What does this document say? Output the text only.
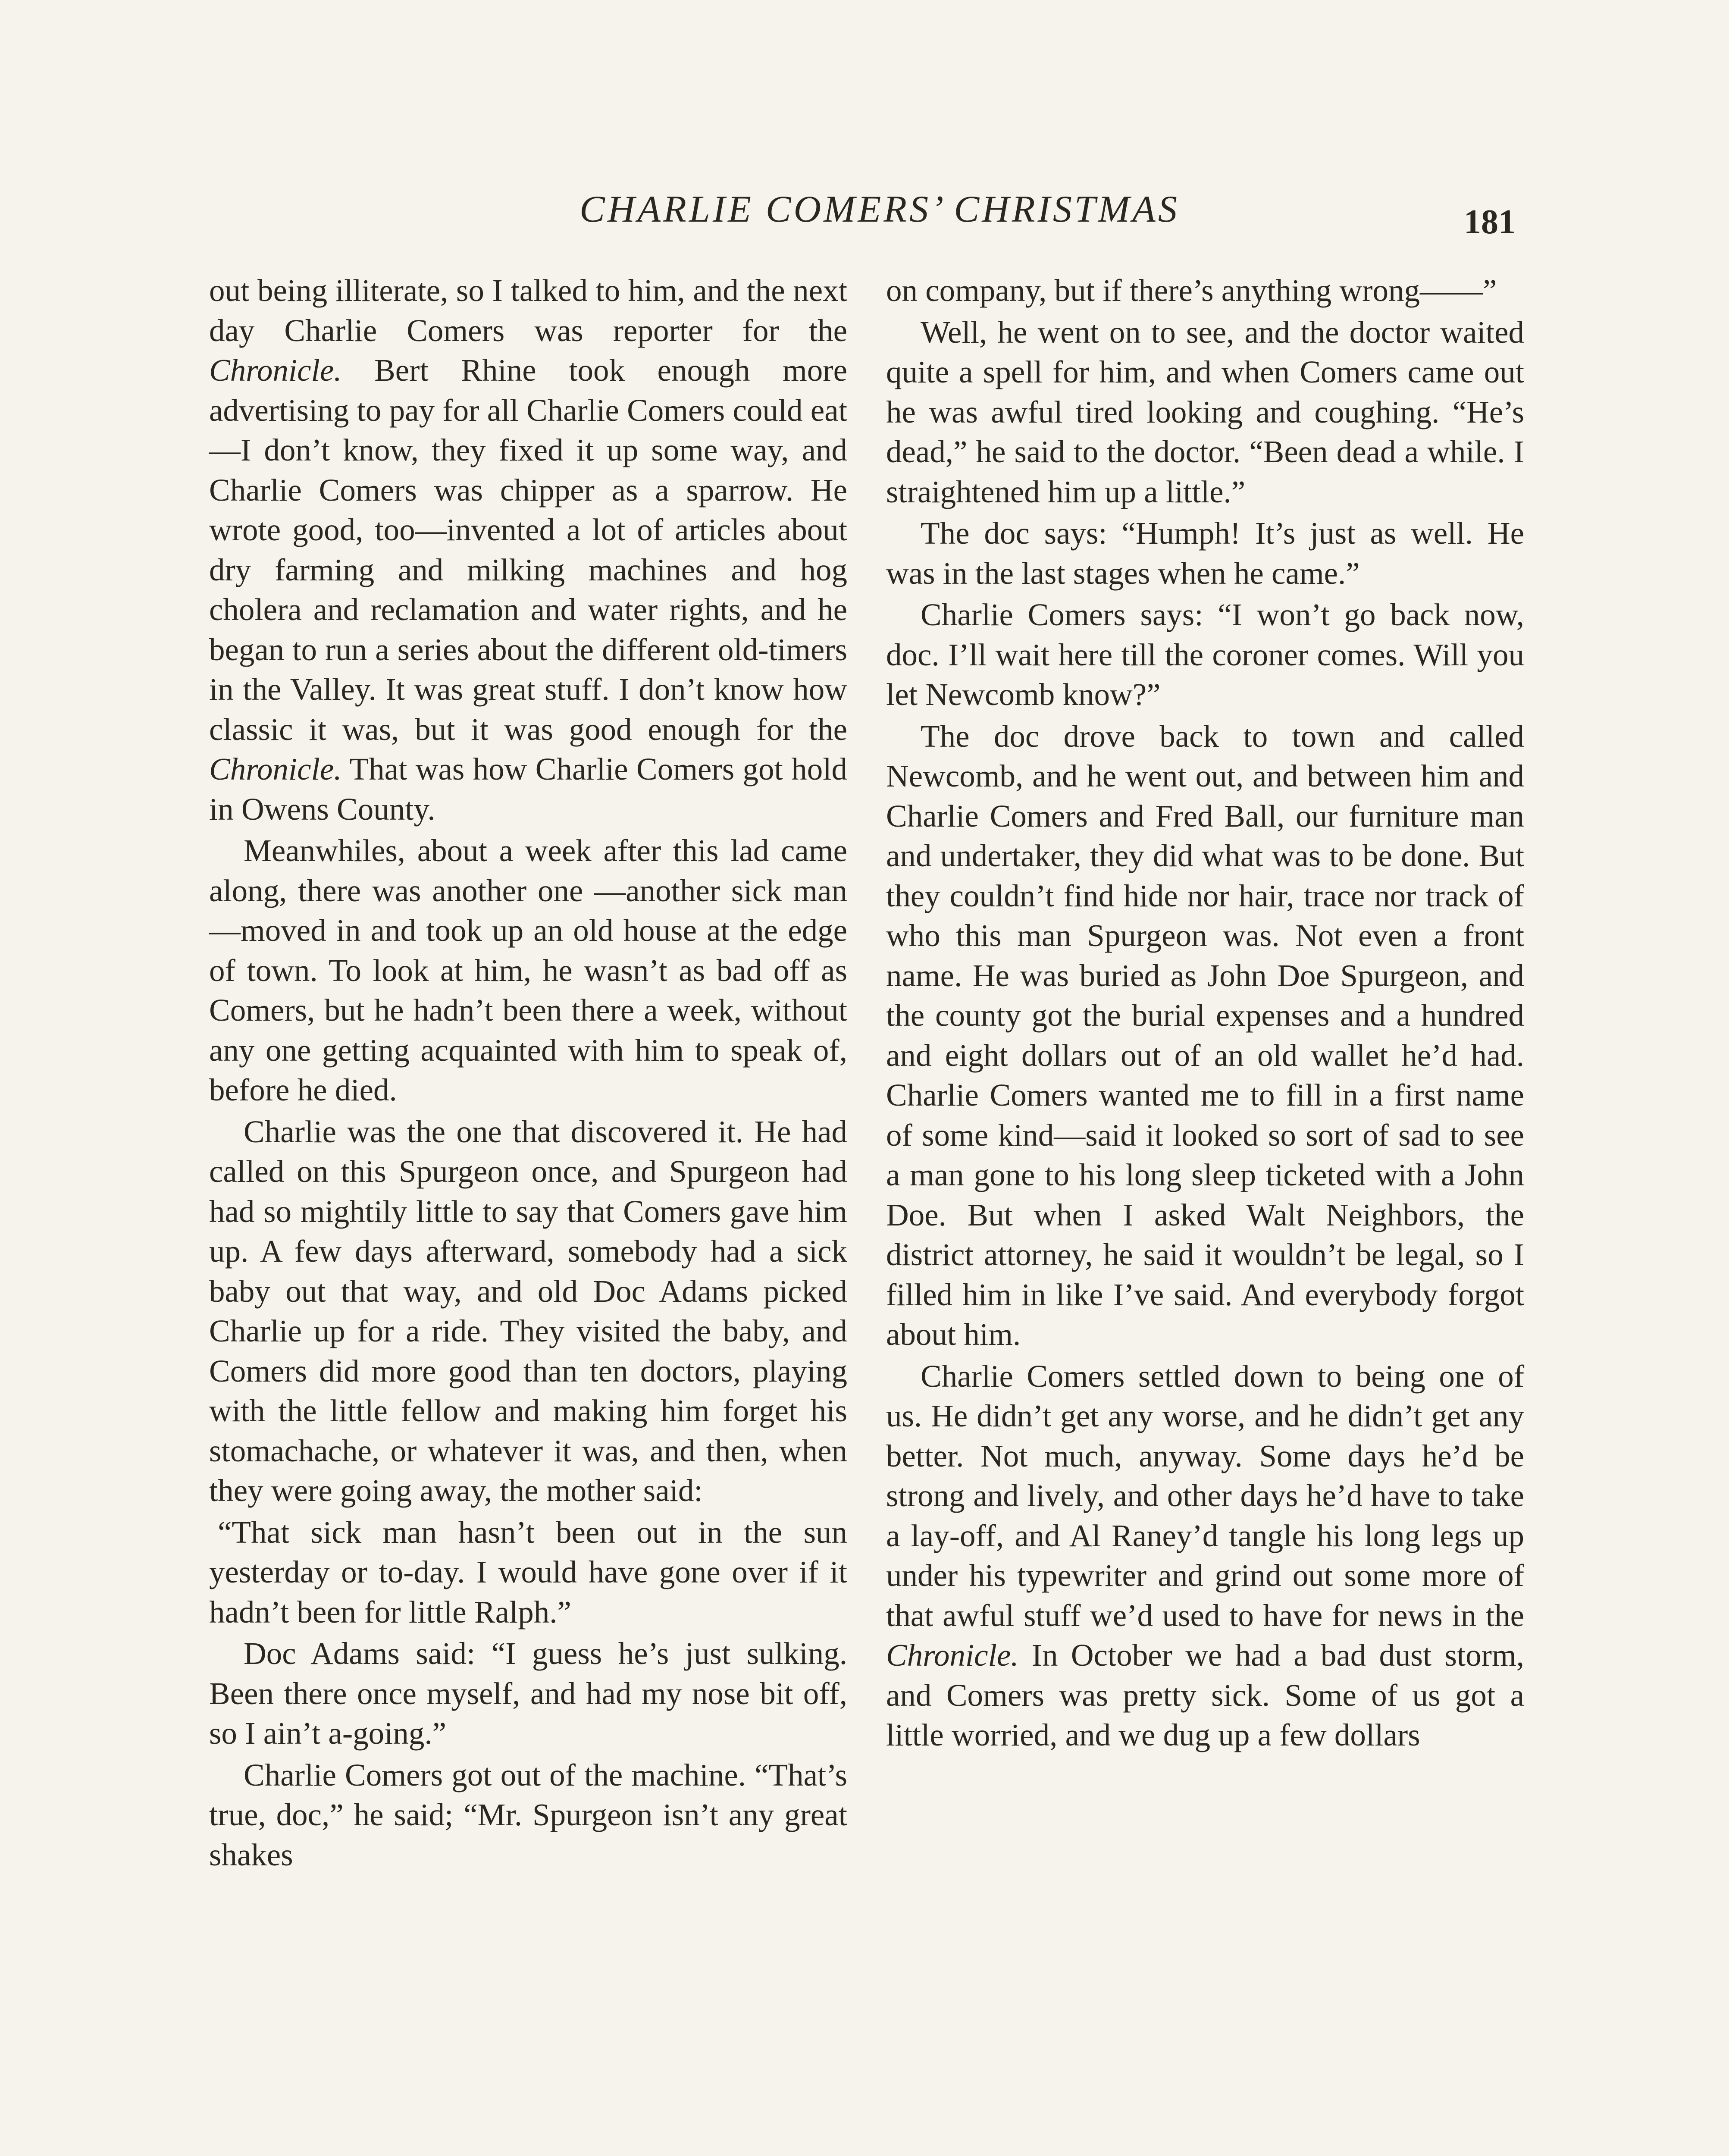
CHARLIE COMERS’ CHRISTMAS	181

out being illiterate, so I talked to him, and the next day Charlie Comers was reporter for the Chronicle. Bert Rhine took enough more advertising to pay for all Charlie Comers could eat—I don’t know, they fixed it up some way, and Charlie Comers was chipper as a sparrow. He wrote good, too—invented a lot of articles about dry farming and milking machines and hog cholera and reclamation and water rights, and he began to run a series about the different old-timers in the Valley. It was great stuff. I don’t know how classic it was, but it was good enough for the Chronicle. That was how Charlie Comers got hold in Owens County.

Meanwhiles, about a week after this lad came along, there was another one —another sick man—moved in and took up an old house at the edge of town. To look at him, he wasn’t as bad off as Comers, but he hadn’t been there a week, without any one getting acquainted with him to speak of, before he died.

Charlie was the one that discovered it. He had called on this Spurgeon once, and Spurgeon had had so mightily little to say that Comers gave him up. A few days afterward, somebody had a sick baby out that way, and old Doc Adams picked Charlie up for a ride. They visited the baby, and Comers did more good than ten doctors, playing with the little fellow and making him forget his stomachache, or whatever it was, and then, when they were going away, the mother said:

“That sick man hasn’t been out in the sun yesterday or to-day. I would have gone over if it hadn’t been for little Ralph.”

Doc Adams said: “I guess he’s just sulking. Been there once myself, and had my nose bit off, so I ain’t a-going.”

Charlie Comers got out of the machine. “That’s true, doc,” he said; “Mr. Spurgeon isn’t any great shakes

on company, but if there’s anything wrong——”

Well, he went on to see, and the doctor waited quite a spell for him, and when Comers came out he was awful tired looking and coughing. “He’s dead,” he said to the doctor. “Been dead a while. I straightened him up a little.”

The doc says: “Humph! It’s just as well. He was in the last stages when he came.”

Charlie Comers says: “I won’t go back now, doc. I’ll wait here till the coroner comes. Will you let Newcomb know?”

The doc drove back to town and called Newcomb, and he went out, and between him and Charlie Comers and Fred Ball, our furniture man and undertaker, they did what was to be done. But they couldn’t find hide nor hair, trace nor track of who this man Spurgeon was. Not even a front name. He was buried as John Doe Spurgeon, and the county got the burial expenses and a hundred and eight dollars out of an old wallet he’d had. Charlie Comers wanted me to fill in a first name of some kind—said it looked so sort of sad to see a man gone to his long sleep ticketed with a John Doe. But when I asked Walt Neighbors, the district attorney, he said it wouldn’t be legal, so I filled him in like I’ve said. And everybody forgot about him.

Charlie Comers settled down to being one of us. He didn’t get any worse, and he didn’t get any better. Not much, anyway. Some days he’d be strong and lively, and other days he’d have to take a lay-off, and Al Raney’d tangle his long legs up under his typewriter and grind out some more of that awful stuff we’d used to have for news in the Chronicle. In October we had a bad dust storm, and Comers was pretty sick. Some of us got a little worried, and we dug up a few dollars
